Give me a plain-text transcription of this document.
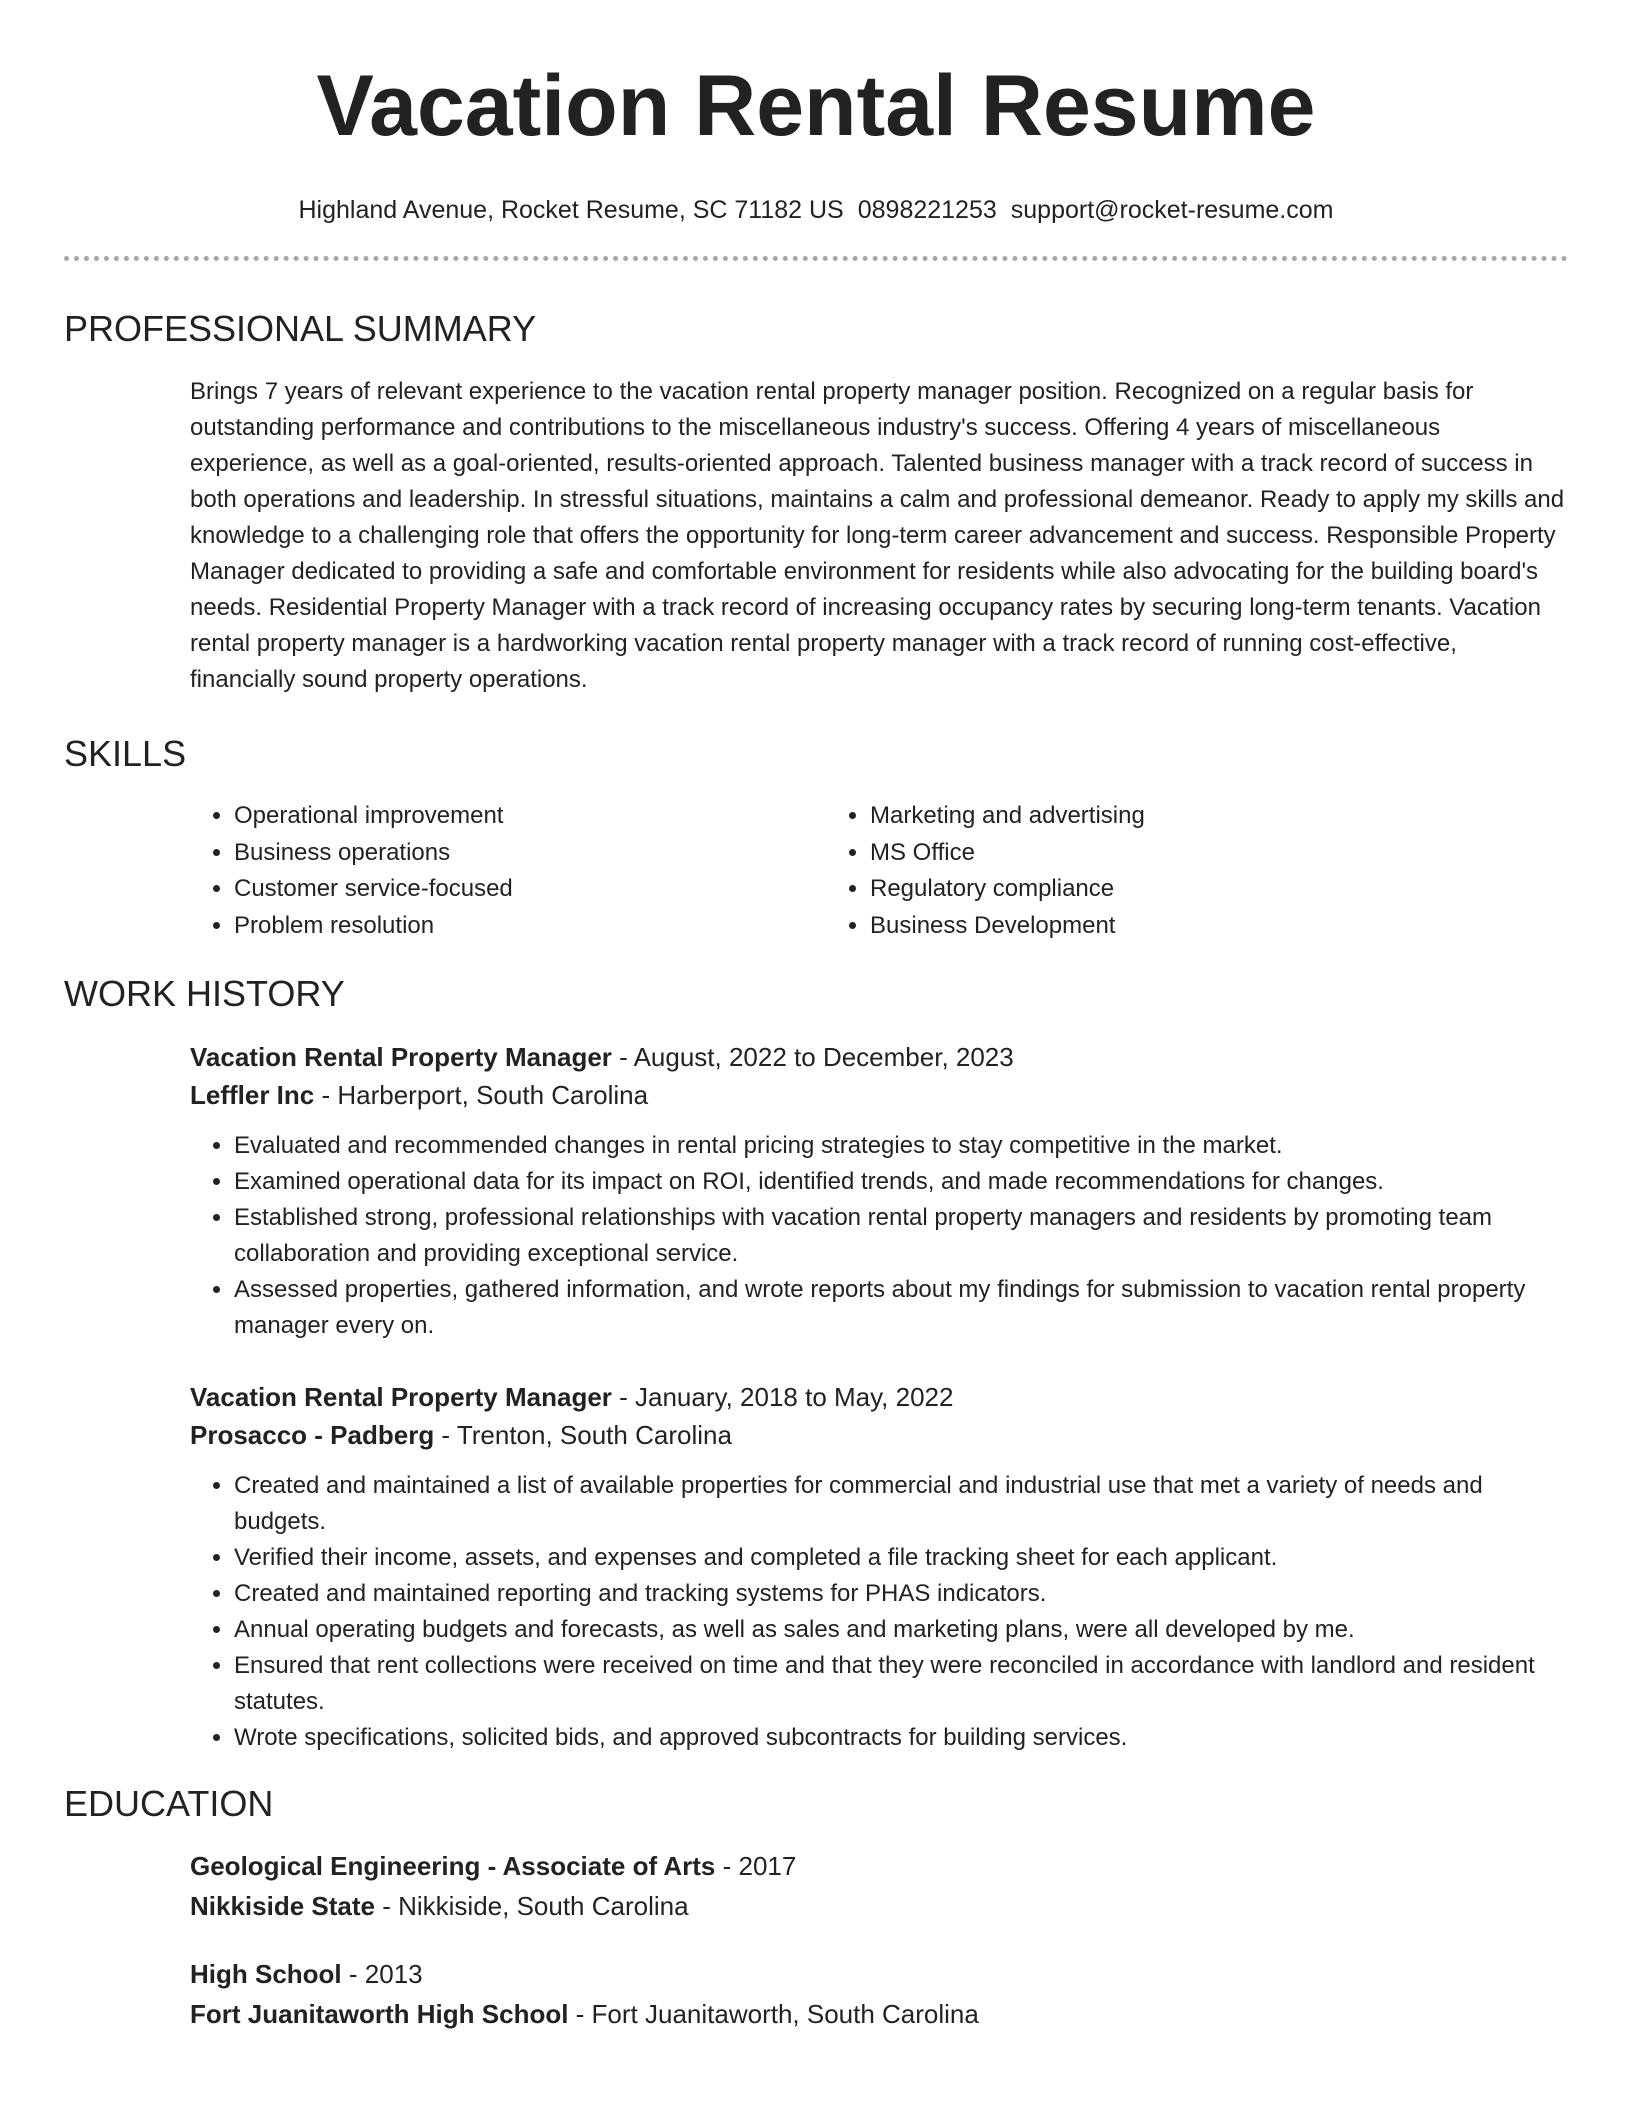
Vacation Rental Resume
Highland Avenue, Rocket Resume, SC 71182 US 0898221253 support@rocket-resume.com
PROFESSIONAL SUMMARY
Brings 7 years of relevant experience to the vacation rental property manager position. Recognized on a regular basis for outstanding performance and contributions to the miscellaneous industry's success. Offering 4 years of miscellaneous experience, as well as a goal-oriented, results-oriented approach. Talented business manager with a track record of success in both operations and leadership. In stressful situations, maintains a calm and professional demeanor. Ready to apply my skills and knowledge to a challenging role that offers the opportunity for long-term career advancement and success. Responsible Property Manager dedicated to providing a safe and comfortable environment for residents while also advocating for the building board's needs. Residential Property Manager with a track record of increasing occupancy rates by securing long-term tenants. Vacation rental property manager is a hardworking vacation rental property manager with a track record of running cost-effective, financially sound property operations.
SKILLS
• Operational improvement
• Business operations
• Customer service-focused
• Problem resolution
• Marketing and advertising
• MS Office
• Regulatory compliance
• Business Development
WORK HISTORY
Vacation Rental Property Manager - August, 2022 to December, 2023
Leffler Inc - Harberport, South Carolina
• Evaluated and recommended changes in rental pricing strategies to stay competitive in the market.
• Examined operational data for its impact on ROI, identified trends, and made recommendations for changes.
• Established strong, professional relationships with vacation rental property managers and residents by promoting team collaboration and providing exceptional service.
• Assessed properties, gathered information, and wrote reports about my findings for submission to vacation rental property manager every on.
Vacation Rental Property Manager - January, 2018 to May, 2022
Prosacco - Padberg - Trenton, South Carolina
• Created and maintained a list of available properties for commercial and industrial use that met a variety of needs and budgets.
• Verified their income, assets, and expenses and completed a file tracking sheet for each applicant.
• Created and maintained reporting and tracking systems for PHAS indicators.
• Annual operating budgets and forecasts, as well as sales and marketing plans, were all developed by me.
• Ensured that rent collections were received on time and that they were reconciled in accordance with landlord and resident statutes.
• Wrote specifications, solicited bids, and approved subcontracts for building services.
EDUCATION
Geological Engineering - Associate of Arts - 2017
Nikkiside State - Nikkiside, South Carolina
High School - 2013
Fort Juanitaworth High School - Fort Juanitaworth, South Carolina
